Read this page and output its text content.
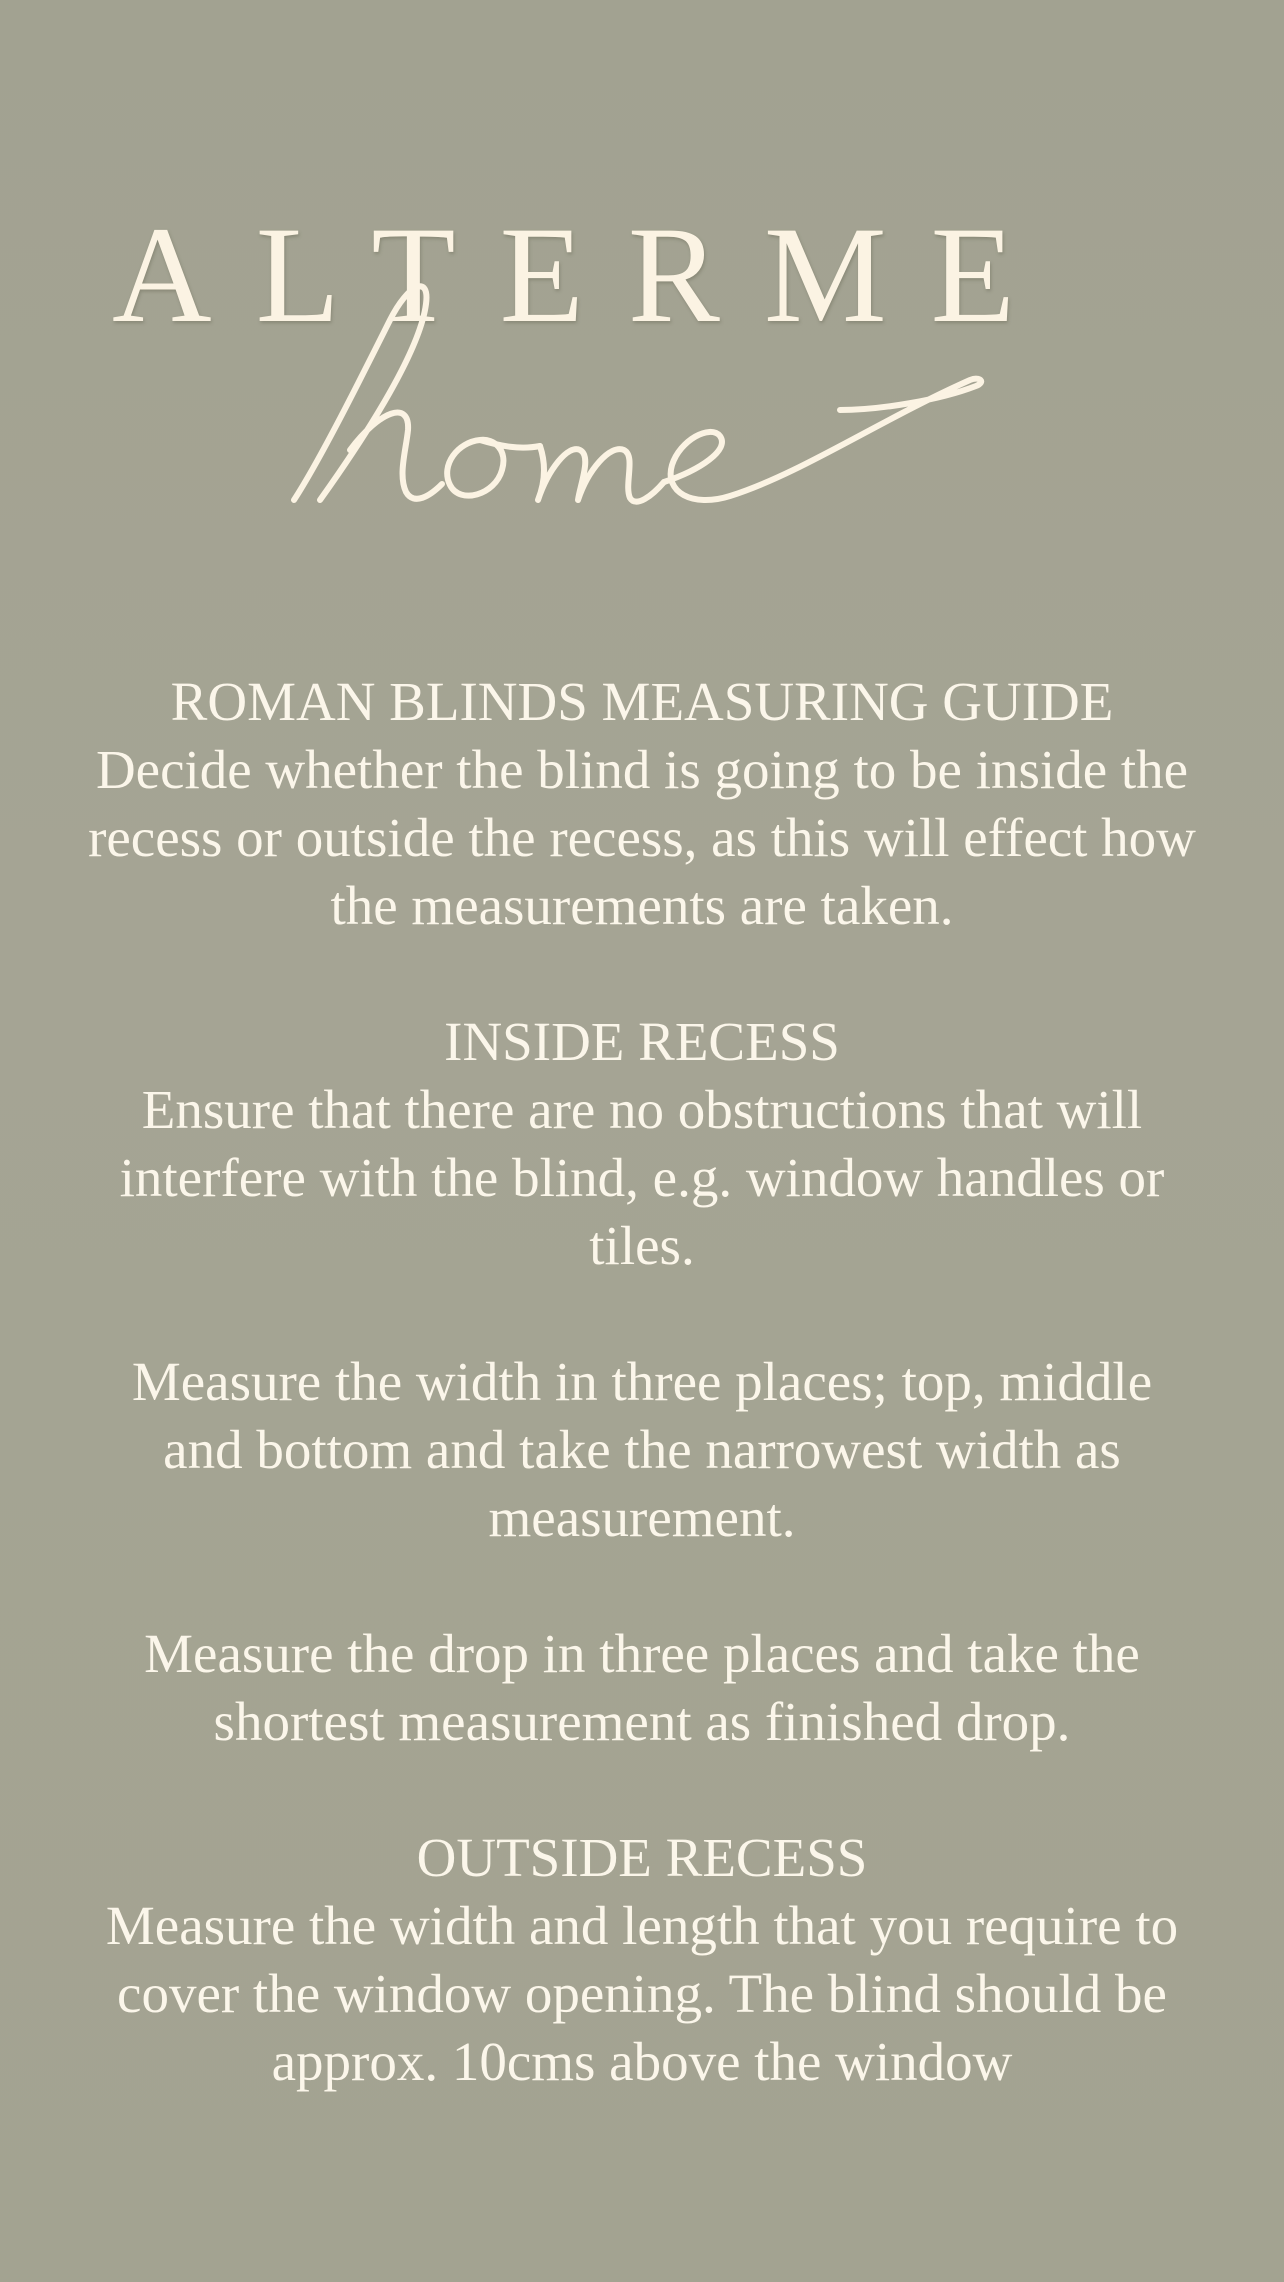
ALTERME
ROMAN BLINDS MEASURING GUIDE

Decide whether the blind is going to be inside the recess or outside the recess, as this will effect how the measurements are taken.

INSIDE RECESS

Ensure that there are no obstructions that will interfere with the blind, e.g. window handles or tiles.

Measure the width in three places; top, middle and bottom and take the narrowest width as measurement.

Measure the drop in three places and take the shortest measurement as finished drop.

OUTSIDE RECESS

Measure the width and length that you require to cover the window opening. The blind should be approx. 10cms above the window
